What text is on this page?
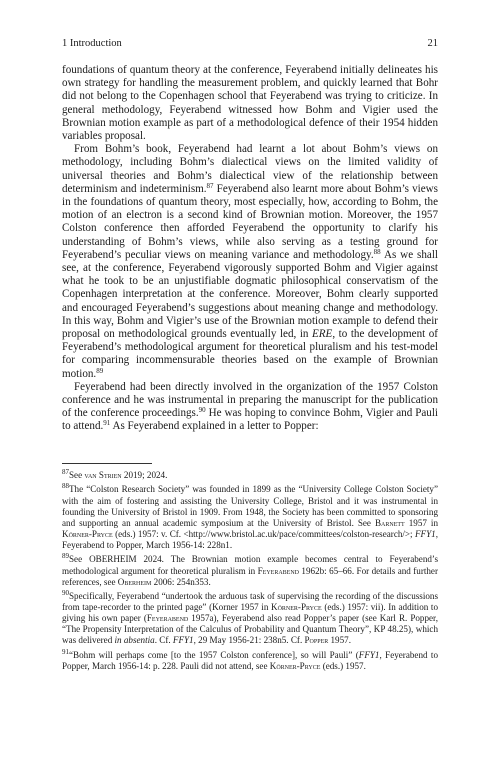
1 Introduction	21

foundations of quantum theory at the conference, Feyerabend initially delineates his own strategy for handling the measurement problem, and quickly learned that Bohr did not belong to the Copenhagen school that Feyerabend was trying to criticize. In general methodology, Feyerabend witnessed how Bohm and Vigier used the Brownian motion example as part of a methodological defence of their 1954 hidden variables proposal.

From Bohm’s book, Feyerabend had learnt a lot about Bohm’s views on methodology, including Bohm’s dialectical views on the limited validity of universal theories and Bohm’s dialectical view of the relationship between determinism and indeterminism.$^{87}$ Feyerabend also learnt more about Bohm’s views in the foundations of quantum theory, most especially, how, according to Bohm, the motion of an electron is a second kind of Brownian motion. Moreover, the 1957 Colston conference then afforded Feyerabend the opportunity to clarify his understanding of Bohm’s views, while also serving as a testing ground for Feyerabend’s peculiar views on meaning variance and methodology.$^{88}$ As we shall see, at the conference, Feyerabend vigorously supported Bohm and Vigier against what he took to be an unjustifiable dogmatic philosophical conservatism of the Copenhagen interpretation at the conference. Moreover, Bohm clearly supported and encouraged Feyerabend’s suggestions about meaning change and methodology. In this way, Bohm and Vigier’s use of the Brownian motion example to defend their proposal on methodological grounds eventually led, in ERE, to the development of Feyerabend’s methodological argument for theoretical pluralism and his test-model for comparing incommensurable theories based on the example of Brownian motion.$^{89}$

Feyerabend had been directly involved in the organization of the 1957 Colston conference and he was instrumental in preparing the manuscript for the publication of the conference proceedings.$^{90}$ He was hoping to convince Bohm, Vigier and Pauli to attend.$^{91}$ As Feyerabend explained in a letter to Popper:

$^{87}$See van Strien 2019; 2024.

$^{88}$The “Colston Research Society” was founded in 1899 as the “University College Colston Society” with the aim of fostering and assisting the University College, Bristol and it was instrumental in founding the University of Bristol in 1909. From 1948, the Society has been committed to sponsoring and supporting an annual academic symposium at the University of Bristol. See Barnett 1957 in Körner-Pryce (eds.) 1957: v. Cf. <http://www.bristol.ac.uk/pace/committees/colston-research/>; FFY1, Feyerabend to Popper, March 1956-14: 228n1.

$^{89}$See OBERHEIM 2024. The Brownian motion example becomes central to Feyerabend’s methodological argument for theoretical pluralism in Feyerabend 1962b: 65–66. For details and further references, see Oberheim 2006: 254n353.

$^{90}$Specifically, Feyerabend “undertook the arduous task of supervising the recording of the discussions from tape-recorder to the printed page” (Korner 1957 in Körner-Pryce (eds.) 1957: vii). In addition to giving his own paper (Feyerabend 1957a), Feyerabend also read Popper’s paper (see Karl R. Popper, “The Propensity Interpretation of the Calculus of Probability and Quantum Theory”, KP 48.25), which was delivered in absentia. Cf. FFY1, 29 May 1956-21: 238n5. Cf. Popper 1957.

$^{91}$“Bohm will perhaps come [to the 1957 Colston conference], so will Pauli” (FFY1, Feyerabend to Popper, March 1956-14: p. 228. Pauli did not attend, see Körner-Pryce (eds.) 1957.
